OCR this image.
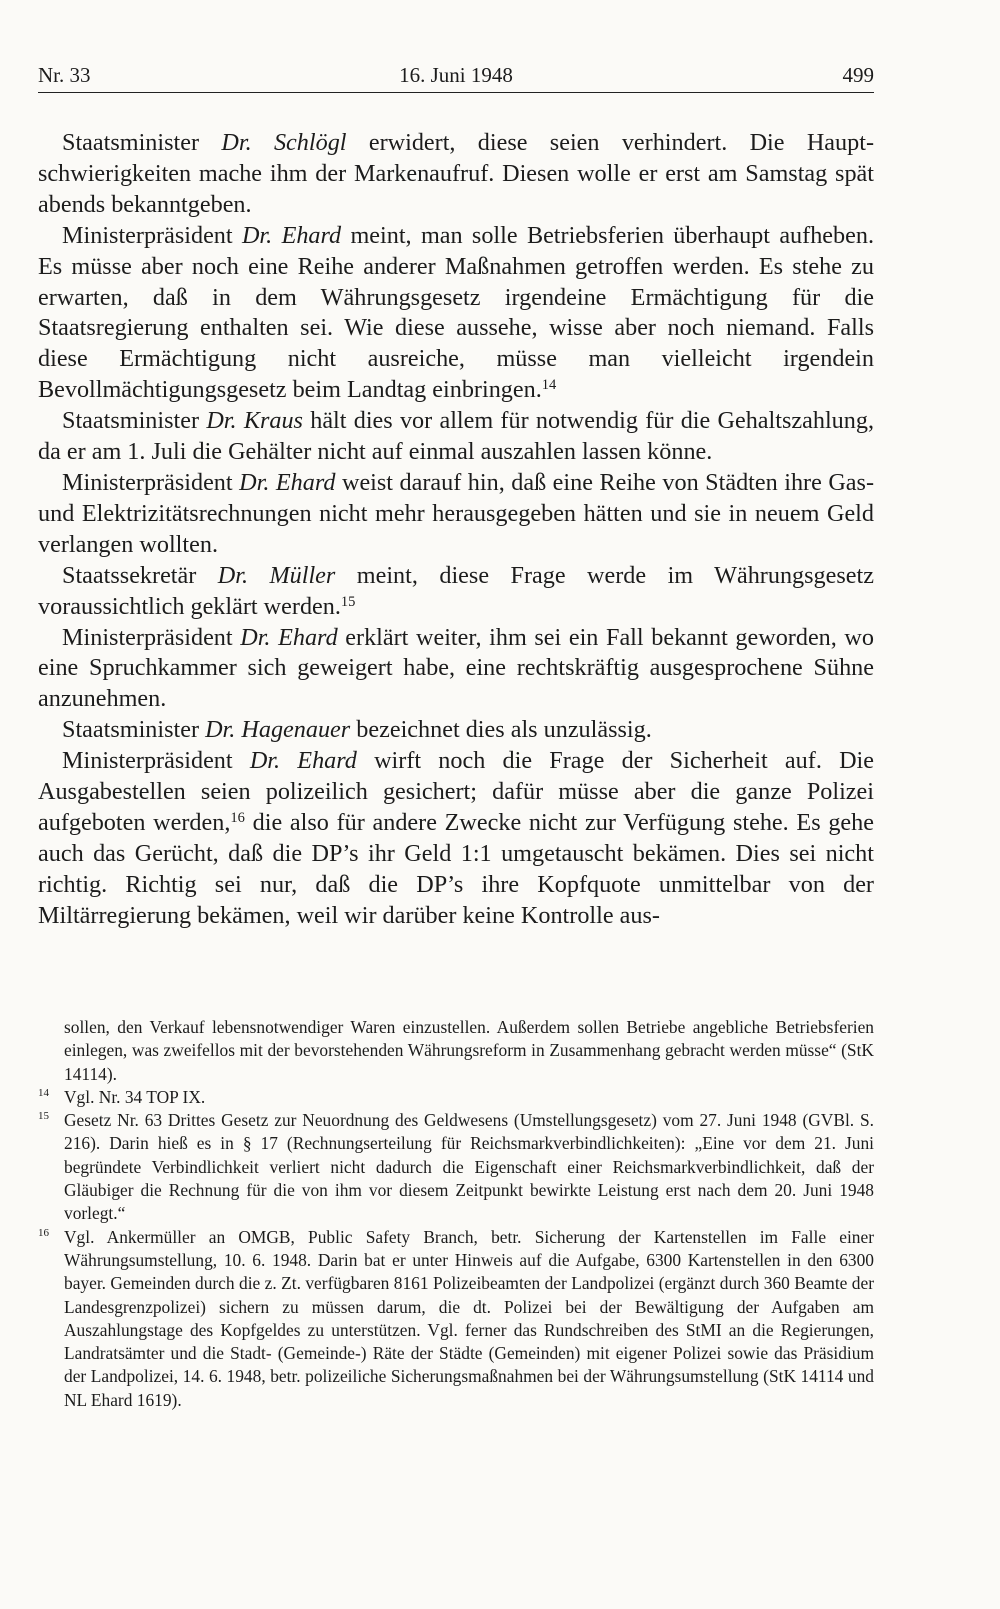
Nr. 33	16. Juni 1948	499

Staatsminister Dr. Schlögl erwidert, diese seien verhindert. Die Hauptschwierigkeiten mache ihm der Markenaufruf. Diesen wolle er erst am Samstag spät abends bekanntgeben.

Ministerpräsident Dr. Ehard meint, man solle Betriebsferien überhaupt aufheben. Es müsse aber noch eine Reihe anderer Maßnahmen getroffen werden. Es stehe zu erwarten, daß in dem Währungsgesetz irgendeine Ermächtigung für die Staatsregierung enthalten sei. Wie diese aussehe, wisse aber noch niemand. Falls diese Ermächtigung nicht ausreiche, müsse man vielleicht irgendein Bevollmächtigungsgesetz beim Landtag einbringen.$^{14}$

Staatsminister Dr. Kraus hält dies vor allem für notwendig für die Gehaltszahlung, da er am 1. Juli die Gehälter nicht auf einmal auszahlen lassen könne.

Ministerpräsident Dr. Ehard weist darauf hin, daß eine Reihe von Städten ihre Gas- und Elektrizitätsrechnungen nicht mehr herausgegeben hätten und sie in neuem Geld verlangen wollten.

Staatssekretär Dr. Müller meint, diese Frage werde im Währungsgesetz voraussichtlich geklärt werden.$^{15}$

Ministerpräsident Dr. Ehard erklärt weiter, ihm sei ein Fall bekannt geworden, wo eine Spruchkammer sich geweigert habe, eine rechtskräftig ausgesprochene Sühne anzunehmen.

Staatsminister Dr. Hagenauer bezeichnet dies als unzulässig.

Ministerpräsident Dr. Ehard wirft noch die Frage der Sicherheit auf. Die Ausgabestellen seien polizeilich gesichert; dafür müsse aber die ganze Polizei aufgeboten werden,$^{16}$ die also für andere Zwecke nicht zur Verfügung stehe. Es gehe auch das Gerücht, daß die DP’s ihr Geld 1:1 umgetauscht bekämen. Dies sei nicht richtig. Richtig sei nur, daß die DP’s ihre Kopfquote unmittelbar von der Miltärregierung bekämen, weil wir darüber keine Kontrolle aus-

sollen, den Verkauf lebensnotwendiger Waren einzustellen. Außerdem sollen Betriebe angebliche Betriebsferien einlegen, was zweifellos mit der bevorstehenden Währungsreform in Zusammenhang gebracht werden müsse“ (StK 14114).
14 Vgl. Nr. 34 TOP IX.
15 Gesetz Nr. 63 Drittes Gesetz zur Neuordnung des Geldwesens (Umstellungsgesetz) vom 27. Juni 1948 (GVBl. S. 216). Darin hieß es in § 17 (Rechnungserteilung für Reichsmarkverbindlichkeiten): „Eine vor dem 21. Juni begründete Verbindlichkeit verliert nicht dadurch die Eigenschaft einer Reichsmarkverbindlichkeit, daß der Gläubiger die Rechnung für die von ihm vor diesem Zeitpunkt bewirkte Leistung erst nach dem 20. Juni 1948 vorlegt.“
16 Vgl. Ankermüller an OMGB, Public Safety Branch, betr. Sicherung der Kartenstellen im Falle einer Währungsumstellung, 10. 6. 1948. Darin bat er unter Hinweis auf die Aufgabe, 6300 Kartenstellen in den 6300 bayer. Gemeinden durch die z. Zt. verfügbaren 8161 Polizeibeamten der Landpolizei (ergänzt durch 360 Beamte der Landesgrenzpolizei) sichern zu müssen darum, die dt. Polizei bei der Bewältigung der Aufgaben am Auszahlungstage des Kopfgeldes zu unterstützen. Vgl. ferner das Rundschreiben des StMI an die Regierungen, Landratsämter und die Stadt- (Gemeinde-) Räte der Städte (Gemeinden) mit eigener Polizei sowie das Präsidium der Landpolizei, 14. 6. 1948, betr. polizeiliche Sicherungsmaßnahmen bei der Währungsumstellung (StK 14114 und NL Ehard 1619).
